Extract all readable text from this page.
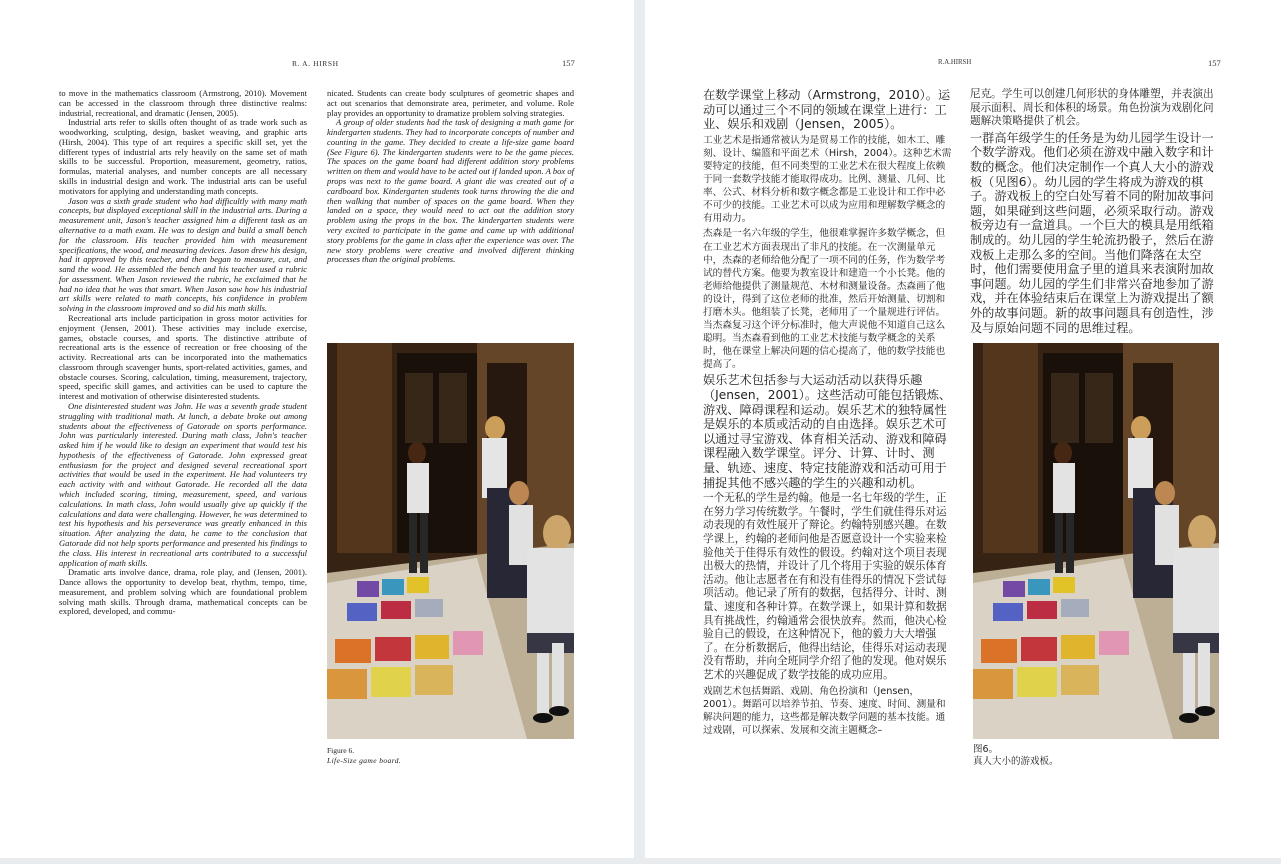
R. A. HIRSH	157

to move in the mathematics classroom (Armstrong, 2010). Movement can be accessed in the classroom through three distinctive realms: industrial, recreational, and dramatic (Jensen, 2005).

Industrial arts refer to skills often thought of as trade work such as woodworking, sculpting, design, basket weaving, and graphic arts (Hirsh, 2004). This type of art requires a specific skill set, yet the different types of industrial arts rely heavily on the same set of math skills to be successful. Proportion, measurement, geometry, ratios, formulas, material analyses, and number concepts are all necessary skills in industrial design and work. The industrial arts can be useful motivators for applying and understanding math concepts.

Jason was a sixth grade student who had difficultly with many math concepts, but displayed exceptional skill in the industrial arts. During a measurement unit, Jason's teacher assigned him a different task as an alternative to a math exam. He was to design and build a small bench for the classroom. His teacher provided him with measurement specifications, the wood, and measuring devices. Jason drew his design, had it approved by this teacher, and then began to measure, cut, and sand the wood. He assembled the bench and his teacher used a rubric for assessment. When Jason reviewed the rubric, he exclaimed that he had no idea that he was that smart. When Jason saw how his industrial art skills were related to math concepts, his confidence in problem solving in the classroom improved and so did his math skills.

Recreational arts include participation in gross motor activities for enjoyment (Jensen, 2001). These activities may include exercise, games, obstacle courses, and sports. The distinctive attribute of recreational arts is the essence of recreation or free choosing of the activity. Recreational arts can be incorporated into the mathematics classroom through scavenger hunts, sport-related activities, games, and obstacle courses. Scoring, calculation, timing, measurement, trajectory, speed, specific skill games, and activities can be used to capture the interest and motivation of otherwise disinterested students.

One disinterested student was John. He was a seventh grade student struggling with traditional math. At lunch, a debate broke out among students about the effectiveness of Gatorade on sports performance. John was particularly interested. During math class, John's teacher asked him if he would like to design an experiment that would test his hypothesis of the effectiveness of Gatorade. John expressed great enthusiasm for the project and designed several recreational sport activities that would be used in the experiment. He had volunteers try each activity with and without Gatorade. He recorded all the data which included scoring, timing, measurement, speed, and various calculations. In math class, John would usually give up quickly if the calculations and data were challenging. However, he was determined to test his hypothesis and his perseverance was greatly enhanced in this situation. After analyzing the data, he came to the conclusion that Gatorade did not help sports performance and presented his findings to the class. His interest in recreational arts contributed to a successful application of math skills.

Dramatic arts involve dance, drama, role play, and (Jensen, 2001). Dance allows the opportunity to develop beat, rhythm, tempo, time, measurement, and problem solving which are foundational problem solving math skills. Through drama, mathematical concepts can be explored, developed, and commu-

nicated. Students can create body sculptures of geometric shapes and act out scenarios that demonstrate area, perimeter, and volume. Role play provides an opportunity to dramatize problem solving strategies.

A group of older students had the task of designing a math game for kindergarten students. They had to incorporate concepts of number and counting in the game. They decided to create a life-size game board (See Figure 6). The kindergarten students were to be the game pieces. The spaces on the game board had different addition story problems written on them and would have to be acted out if landed upon. A box of props was next to the game board. A giant die was created out of a cardboard box. Kindergarten students took turns throwing the die and then walking that number of spaces on the game board. When they landed on a space, they would need to act out the addition story problem using the props in the box. The kindergarten students were very excited to participate in the game and came up with additional story problems for the game in class after the experience was over. The new story problems were creative and involved different thinking processes than the original problems.

Figure 6.
Life-Size game board.
R.A.HIRSH	157

在数学课堂上移动（Armstrong，2010）。运动可以通过三个不同的领域在课堂上进行：工业、娱乐和戏剧（Jensen，2005）。

工业艺术是指通常被认为是贸易工作的技能，如木工、雕刻、设计、编篮和平面艺术（Hirsh，2004）。这种艺术需要特定的技能，但不同类型的工业艺术在很大程度上依赖于同一套数学技能才能取得成功。比例、测量、几何、比率、公式、材料分析和数字概念都是工业设计和工作中必不可少的技能。工业艺术可以成为应用和理解数学概念的有用动力。

杰森是一名六年级的学生，他很难掌握许多数学概念，但在工业艺术方面表现出了非凡的技能。在一次测量单元中，杰森的老师给他分配了一项不同的任务，作为数学考试的替代方案。他要为教室设计和建造一个小长凳。他的老师给他提供了测量规范、木材和测量设备。杰森画了他的设计，得到了这位老师的批准，然后开始测量、切割和打磨木头。他组装了长凳，老师用了一个量规进行评估。当杰森复习这个评分标准时，他大声说他不知道自己这么聪明。当杰森看到他的工业艺术技能与数学概念的关系时，他在课堂上解决问题的信心提高了，他的数学技能也提高了。

娱乐艺术包括参与大运动活动以获得乐趣（Jensen，2001）。这些活动可能包括锻炼、游戏、障碍课程和运动。娱乐艺术的独特属性是娱乐的本质或活动的自由选择。娱乐艺术可以通过寻宝游戏、体育相关活动、游戏和障碍课程融入数学课堂。评分、计算、计时、测量、轨迹、速度、特定技能游戏和活动可用于捕捉其他不感兴趣的学生的兴趣和动机。

一个无私的学生是约翰。他是一名七年级的学生，正在努力学习传统数学。午餐时，学生们就佳得乐对运动表现的有效性展开了辩论。约翰特别感兴趣。在数学课上，约翰的老师问他是否愿意设计一个实验来检验他关于佳得乐有效性的假设。约翰对这个项目表现出极大的热情，并设计了几个将用于实验的娱乐体育活动。他让志愿者在有和没有佳得乐的情况下尝试每项活动。他记录了所有的数据，包括得分、计时、测量、速度和各种计算。在数学课上，如果计算和数据具有挑战性，约翰通常会很快放弃。然而，他决心检验自己的假设，在这种情况下，他的毅力大大增强了。在分析数据后，他得出结论，佳得乐对运动表现没有帮助，并向全班同学介绍了他的发现。他对娱乐艺术的兴趣促成了数学技能的成功应用。

戏剧艺术包括舞蹈、戏剧、角色扮演和（Jensen，2001）。舞蹈可以培养节拍、节奏、速度、时间、测量和解决问题的能力，这些都是解决数学问题的基本技能。通过戏剧，可以探索、发展和交流主题概念–

尼克。学生可以创建几何形状的身体雕塑，并表演出展示面积、周长和体积的场景。角色扮演为戏剧化问题解决策略提供了机会。

一群高年级学生的任务是为幼儿园学生设计一个数学游戏。他们必须在游戏中融入数字和计数的概念。他们决定制作一个真人大小的游戏板（见图6）。幼儿园的学生将成为游戏的棋子。游戏板上的空白处写着不同的附加故事问题，如果碰到这些问题，必须采取行动。游戏板旁边有一盒道具。一个巨大的模具是用纸箱制成的。幼儿园的学生轮流扔骰子，然后在游戏板上走那么多的空间。当他们降落在太空时，他们需要使用盒子里的道具来表演附加故事问题。幼儿园的学生们非常兴奋地参加了游戏，并在体验结束后在课堂上为游戏提出了额外的故事问题。新的故事问题具有创造性，涉及与原始问题不同的思维过程。

图6。
真人大小的游戏板。
